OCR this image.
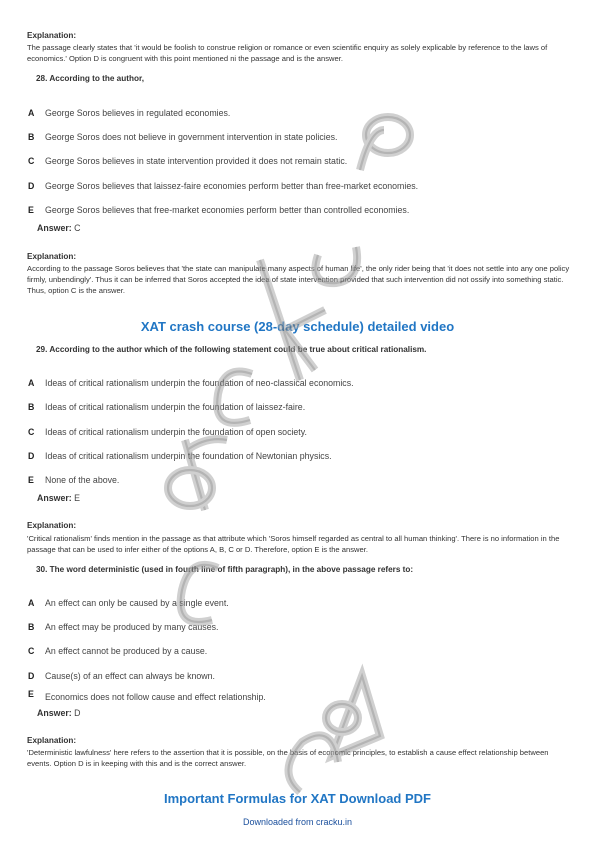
Explanation:
The passage clearly states that 'it would be foolish to construe religion or romance or even scientific enquiry as solely explicable by reference to the laws of economics.' Option D is congruent with this point mentioned ni the passage and is the answer.
28. According to the author,
A George Soros believes in regulated economies.
B George Soros does not believe in government intervention in state policies.
C George Soros believes in state intervention provided it does not remain static.
D George Soros believes that laissez-faire economies perform better than free-market economies.
E George Soros believes that free-market economies perform better than controlled economies.
Answer: C
Explanation:
According to the passage Soros believes that 'the state can manipulate many aspects of human life', the only rider being that 'it does not settle into any one policy firmly, unbendingly'. Thus it can be inferred that Soros accepted the idea of state intervention provided that such intervention did not ossify into something static. Thus, option C is the answer.
XAT crash course (28-day schedule) detailed video
29. According to the author which of the following statement could be true about critical rationalism.
A Ideas of critical rationalism underpin the foundation of neo-classical economics.
B Ideas of critical rationalism underpin the foundation of laissez-faire.
C Ideas of critical rationalism underpin the foundation of open society.
D Ideas of critical rationalism underpin the foundation of Newtonian physics.
E None of the above.
Answer: E
Explanation:
'Critical rationalism' finds mention in the passage as that attribute which 'Soros himself regarded as central to all human thinking'. There is no information in the passage that can be used to infer either of the options A, B, C or D. Therefore, option E is the answer.
30. The word deterministic (used in fourth line of fifth paragraph), in the above passage refers to:
A An effect can only be caused by a single event.
B An effect may be produced by many causes.
C An effect cannot be produced by a cause.
D Cause(s) of an effect can always be known.
E Economics does not follow cause and effect relationship.
Answer: D
Explanation:
'Deterministic lawfulness' here refers to the assertion that it is possible, on the basis of economic principles, to establish a cause effect relationship between events. Option D is in keeping with this and is the correct answer.
Important Formulas for XAT Download PDF
Downloaded from cracku.in
